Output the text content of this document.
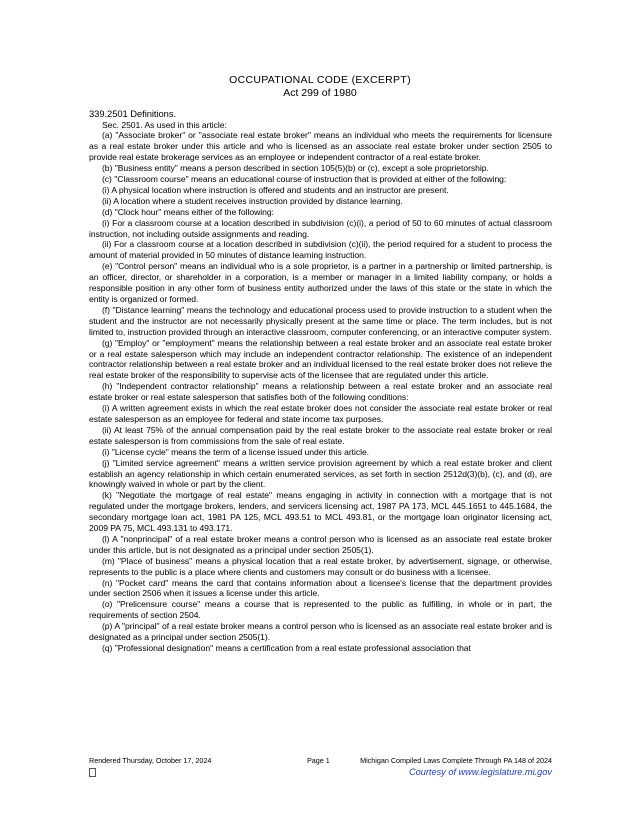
OCCUPATIONAL CODE (EXCERPT)
Act 299 of 1980

339.2501 Definitions.

Sec. 2501. As used in this article:

(a) "Associate broker" or "associate real estate broker" means an individual who meets the requirements for licensure as a real estate broker under this article and who is licensed as an associate real estate broker under section 2505 to provide real estate brokerage services as an employee or independent contractor of a real estate broker.

(b) "Business entity" means a person described in section 105(5)(b) or (c), except a sole proprietorship.

(c) "Classroom course" means an educational course of instruction that is provided at either of the following:

(i) A physical location where instruction is offered and students and an instructor are present.

(ii) A location where a student receives instruction provided by distance learning.

(d) "Clock hour" means either of the following:

(i) For a classroom course at a location described in subdivision (c)(i), a period of 50 to 60 minutes of actual classroom instruction, not including outside assignments and reading.

(ii) For a classroom course at a location described in subdivision (c)(ii), the period required for a student to process the amount of material provided in 50 minutes of distance learning instruction.

(e) "Control person" means an individual who is a sole proprietor, is a partner in a partnership or limited partnership, is an officer, director, or shareholder in a corporation, is a member or manager in a limited liability company, or holds a responsible position in any other form of business entity authorized under the laws of this state or the state in which the entity is organized or formed.

(f) "Distance learning" means the technology and educational process used to provide instruction to a student when the student and the instructor are not necessarily physically present at the same time or place. The term includes, but is not limited to, instruction provided through an interactive classroom, computer conferencing, or an interactive computer system.

(g) "Employ" or "employment" means the relationship between a real estate broker and an associate real estate broker or a real estate salesperson which may include an independent contractor relationship. The existence of an independent contractor relationship between a real estate broker and an individual licensed to the real estate broker does not relieve the real estate broker of the responsibility to supervise acts of the licensee that are regulated under this article.

(h) "Independent contractor relationship" means a relationship between a real estate broker and an associate real estate broker or real estate salesperson that satisfies both of the following conditions:

(i) A written agreement exists in which the real estate broker does not consider the associate real estate broker or real estate salesperson as an employee for federal and state income tax purposes.

(ii) At least 75% of the annual compensation paid by the real estate broker to the associate real estate broker or real estate salesperson is from commissions from the sale of real estate.

(i) "License cycle" means the term of a license issued under this article.

(j) "Limited service agreement" means a written service provision agreement by which a real estate broker and client establish an agency relationship in which certain enumerated services, as set forth in section 2512d(3)(b), (c), and (d), are knowingly waived in whole or part by the client.

(k) "Negotiate the mortgage of real estate" means engaging in activity in connection with a mortgage that is not regulated under the mortgage brokers, lenders, and servicers licensing act, 1987 PA 173, MCL 445.1651 to 445.1684, the secondary mortgage loan act, 1981 PA 125, MCL 493.51 to MCL 493.81, or the mortgage loan originator licensing act, 2009 PA 75, MCL 493.131 to 493.171.

(l) A "nonprincipal" of a real estate broker means a control person who is licensed as an associate real estate broker under this article, but is not designated as a principal under section 2505(1).

(m) "Place of business" means a physical location that a real estate broker, by advertisement, signage, or otherwise, represents to the public is a place where clients and customers may consult or do business with a licensee.

(n) "Pocket card" means the card that contains information about a licensee's license that the department provides under section 2506 when it issues a license under this article.

(o) "Prelicensure course" means a course that is represented to the public as fulfilling, in whole or in part, the requirements of section 2504.

(p) A "principal" of a real estate broker means a control person who is licensed as an associate real estate broker and is designated as a principal under section 2505(1).

(q) "Professional designation" means a certification from a real estate professional association that

Rendered Thursday, October 17, 2024	Page 1	Michigan Compiled Laws Complete Through PA 148 of 2024
Courtesy of www.legislature.mi.gov
